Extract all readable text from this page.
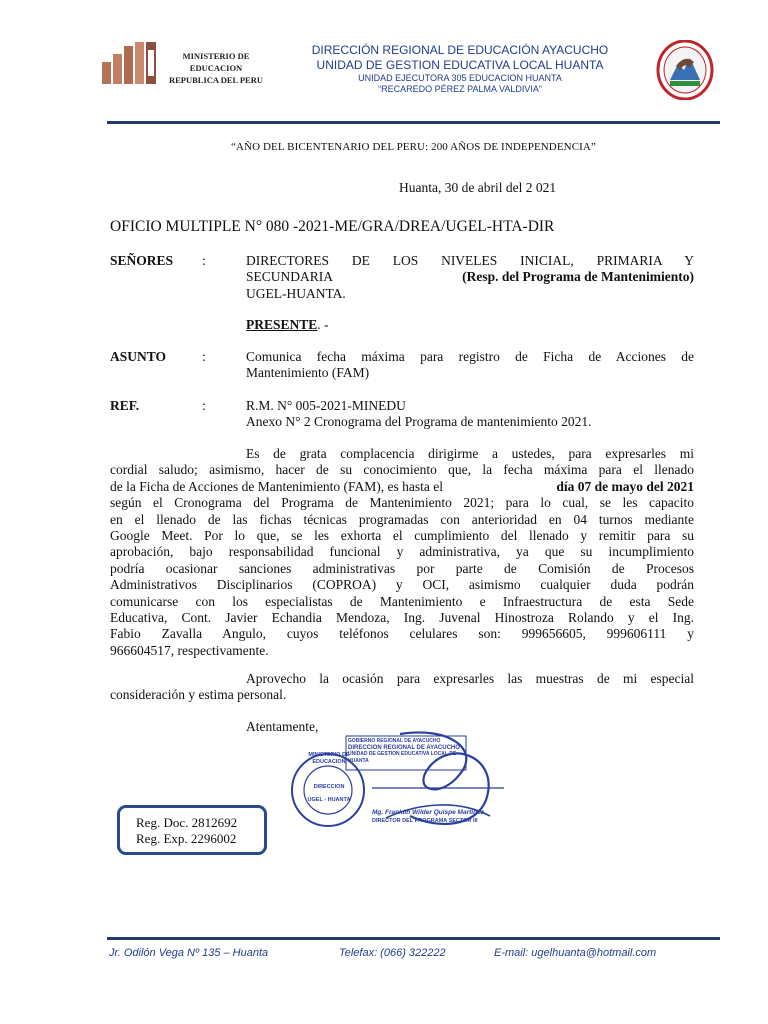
MINISTERIO DE EDUCACION
REPUBLICA DEL PERU
DIRECCIÓN REGIONAL DE EDUCACIÓN AYACUCHO
UNIDAD DE GESTION EDUCATIVA LOCAL HUANTA
UNIDAD EJECUTORA 305 EDUCACION HUANTA
“RECAREDO PÉREZ PALMA VALDIVIA”
“AÑO DEL BICENTENARIO DEL PERU: 200 AÑOS DE INDEPENDENCIA”
Huanta, 30 de abril del 2 021
OFICIO MULTIPLE N° 080 -2021-ME/GRA/DREA/UGEL-HTA-DIR
SEÑORES :	DIRECTORES DE LOS NIVELES INICIAL, PRIMARIA Y
SECUNDARIA	(Resp. del Programa de Mantenimiento)
UGEL-HUANTA.
PRESENTE. -
ASUNTO	:	Comunica fecha máxima para registro de Ficha de Acciones de
Mantenimiento (FAM)
REF.	:	R.M. N° 005-2021-MINEDU
Anexo N° 2 Cronograma del Programa de mantenimiento 2021.
Es de grata complacencia dirigirme a ustedes, para expresarles mi
cordial saludo; asimismo, hacer de su conocimiento que, la fecha máxima para el llenado
de la Ficha de Acciones de Mantenimiento (FAM), es hasta el	día 07 de mayo del 2021
según el Cronograma del Programa de Mantenimiento 2021; para lo cual, se les capacito
en el llenado de las fichas técnicas programadas con anterioridad en 04 turnos mediante
Google Meet. Por lo que, se les exhorta el cumplimiento del llenado y remitir para su
aprobación, bajo responsabilidad funcional y administrativa, ya que su incumplimiento
podría ocasionar sanciones administrativas por parte de Comisión de Procesos
Administrativos Disciplinarios (COPROA) y OCI, asimismo cualquier duda podrán
comunicarse con los especialistas de Mantenimiento e Infraestructura de esta Sede
Educativa, Cont. Javier Echandia Mendoza, Ing. Juvenal Hinostroza Rolando y el Ing.
Fabio Zavalla Angulo, cuyos teléfonos celulares son: 999656605, 999606111 y
966604517, respectivamente.
Aprovecho la ocasión para expresarles las muestras de mi especial
consideración y estima personal.
Atentamente,
MINISTERIO DE EDUCACION
DIRECCION
UGEL - HUANTA
GOBIERNO REGIONAL DE AYACUCHO
DIRECCION REGIONAL DE AYACUCHO
UNIDAD DE GESTION EDUCATIVA LOCAL DE HUANTA
Mg. Franklin Wilder Quispe Martinez
DIRECTOR DEL PROGRAMA SECTOR III
Reg. Doc. 2812692
Reg. Exp. 2296002
Jr. Odilón Vega Nº 135 – Huanta	Telefax: (066) 322222	E-mail: ugelhuanta@hotmail.com
